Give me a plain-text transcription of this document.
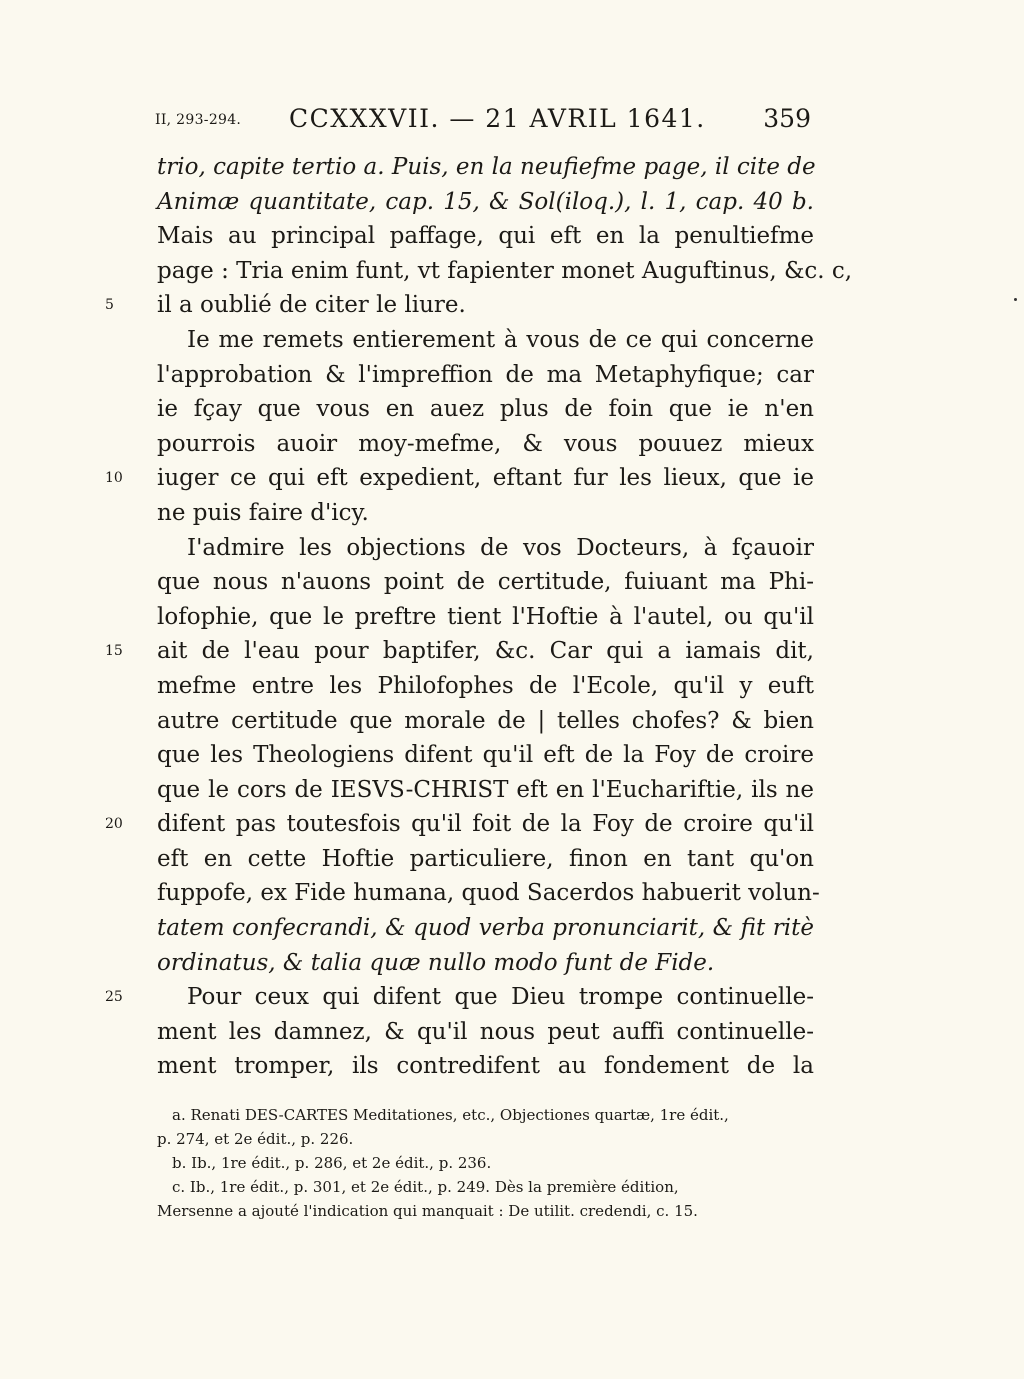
II, 293-294. CCXXXVII. — 21 AVRIL 1641. 359
trio, capite tertio a. Puis, en la neufiefme page, il cite de
Animæ quantitate, cap. 15, & Sol(iloq.), l. 1, cap. 40 b.
Mais au principal paffage, qui eft en la penultiefme
page : Tria enim funt, vt fapienter monet Auguftinus, &c. c,
5	il a oublié de citer le liure.
Ie me remets entierement à vous de ce qui concerne
l'approbation & l'impreffion de ma Metaphyfique; car
ie fçay que vous en auez plus de foin que ie n'en
pourrois auoir moy-mefme, & vous pouuez mieux
10 iuger ce qui eft expedient, eftant fur les lieux, que ie
ne puis faire d'icy.
I'admire les objections de vos Docteurs, à fçauoir
que nous n'auons point de certitude, fuiuant ma Phi-
lofophie, que le preftre tient l'Hoftie à l'autel, ou qu'il
15 ait de l'eau pour baptifer, &c. Car qui a iamais dit,
mefme entre les Philofophes de l'Ecole, qu'il y euft
autre certitude que morale de | telles chofes? & bien
que les Theologiens difent qu'il eft de la Foy de croire
que le cors de IESVS-CHRIST eft en l'Euchariftie, ils ne
20 difent pas toutesfois qu'il foit de la Foy de croire qu'il
eft en cette Hoftie particuliere, finon en tant qu'on
fuppofe, ex Fide humana, quod Sacerdos habuerit volun-
tatem confecrandi, & quod verba pronunciarit, & fit ritè
ordinatus, & talia quæ nullo modo funt de Fide.
25	Pour ceux qui difent que Dieu trompe continuelle-
ment les damnez, & qu'il nous peut auffi continuelle-
ment tromper, ils contredifent au fondement de la
a. Renati DES-CARTES Meditationes, etc., Objectiones quartæ, 1re édit.,
p. 274, et 2e édit., p. 226.
b. Ib., 1re édit., p. 286, et 2e édit., p. 236.
c. Ib., 1re édit., p. 301, et 2e édit., p. 249. Dès la première édition,
Mersenne a ajouté l'indication qui manquait : De utilit. credendi, c. 15.
